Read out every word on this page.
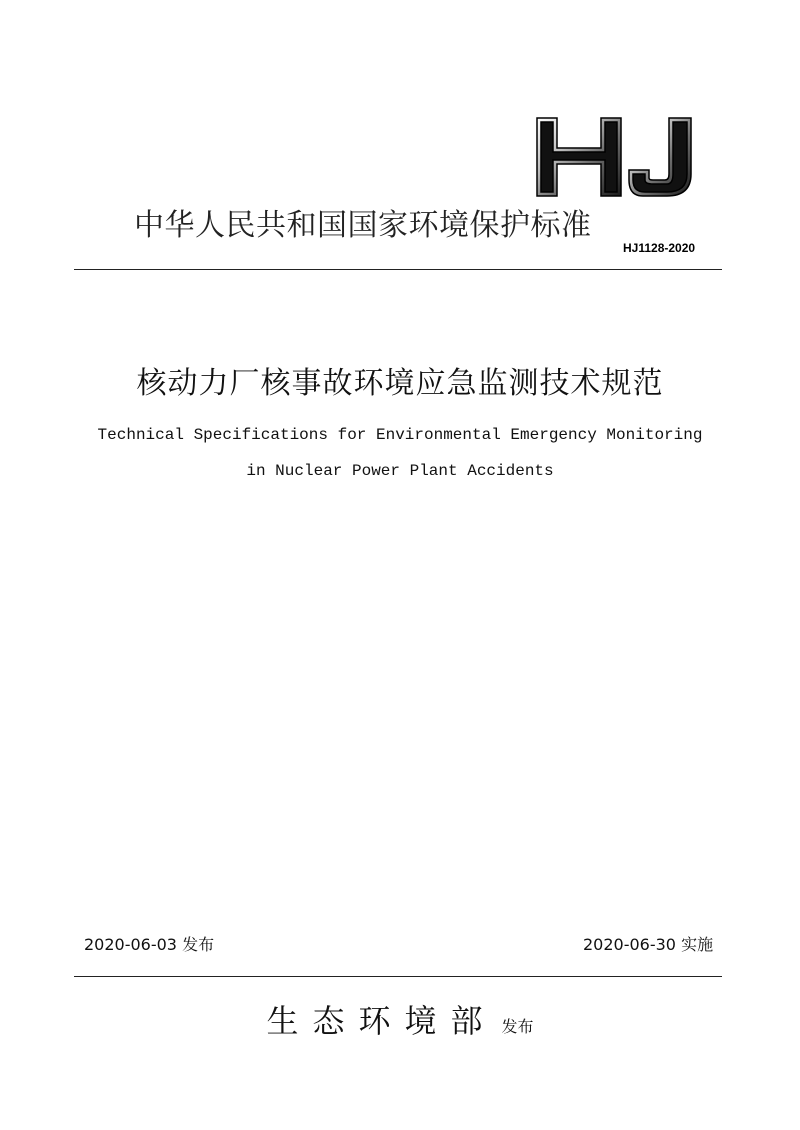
中华人民共和国国家环境保护标准
HJ1128-2020
核动力厂核事故环境应急监测技术规范
Technical Specifications for Environmental Emergency Monitoring
in Nuclear Power Plant Accidents
2020-06-03 发布	2020-06-30 实施
生态环境部 发布
